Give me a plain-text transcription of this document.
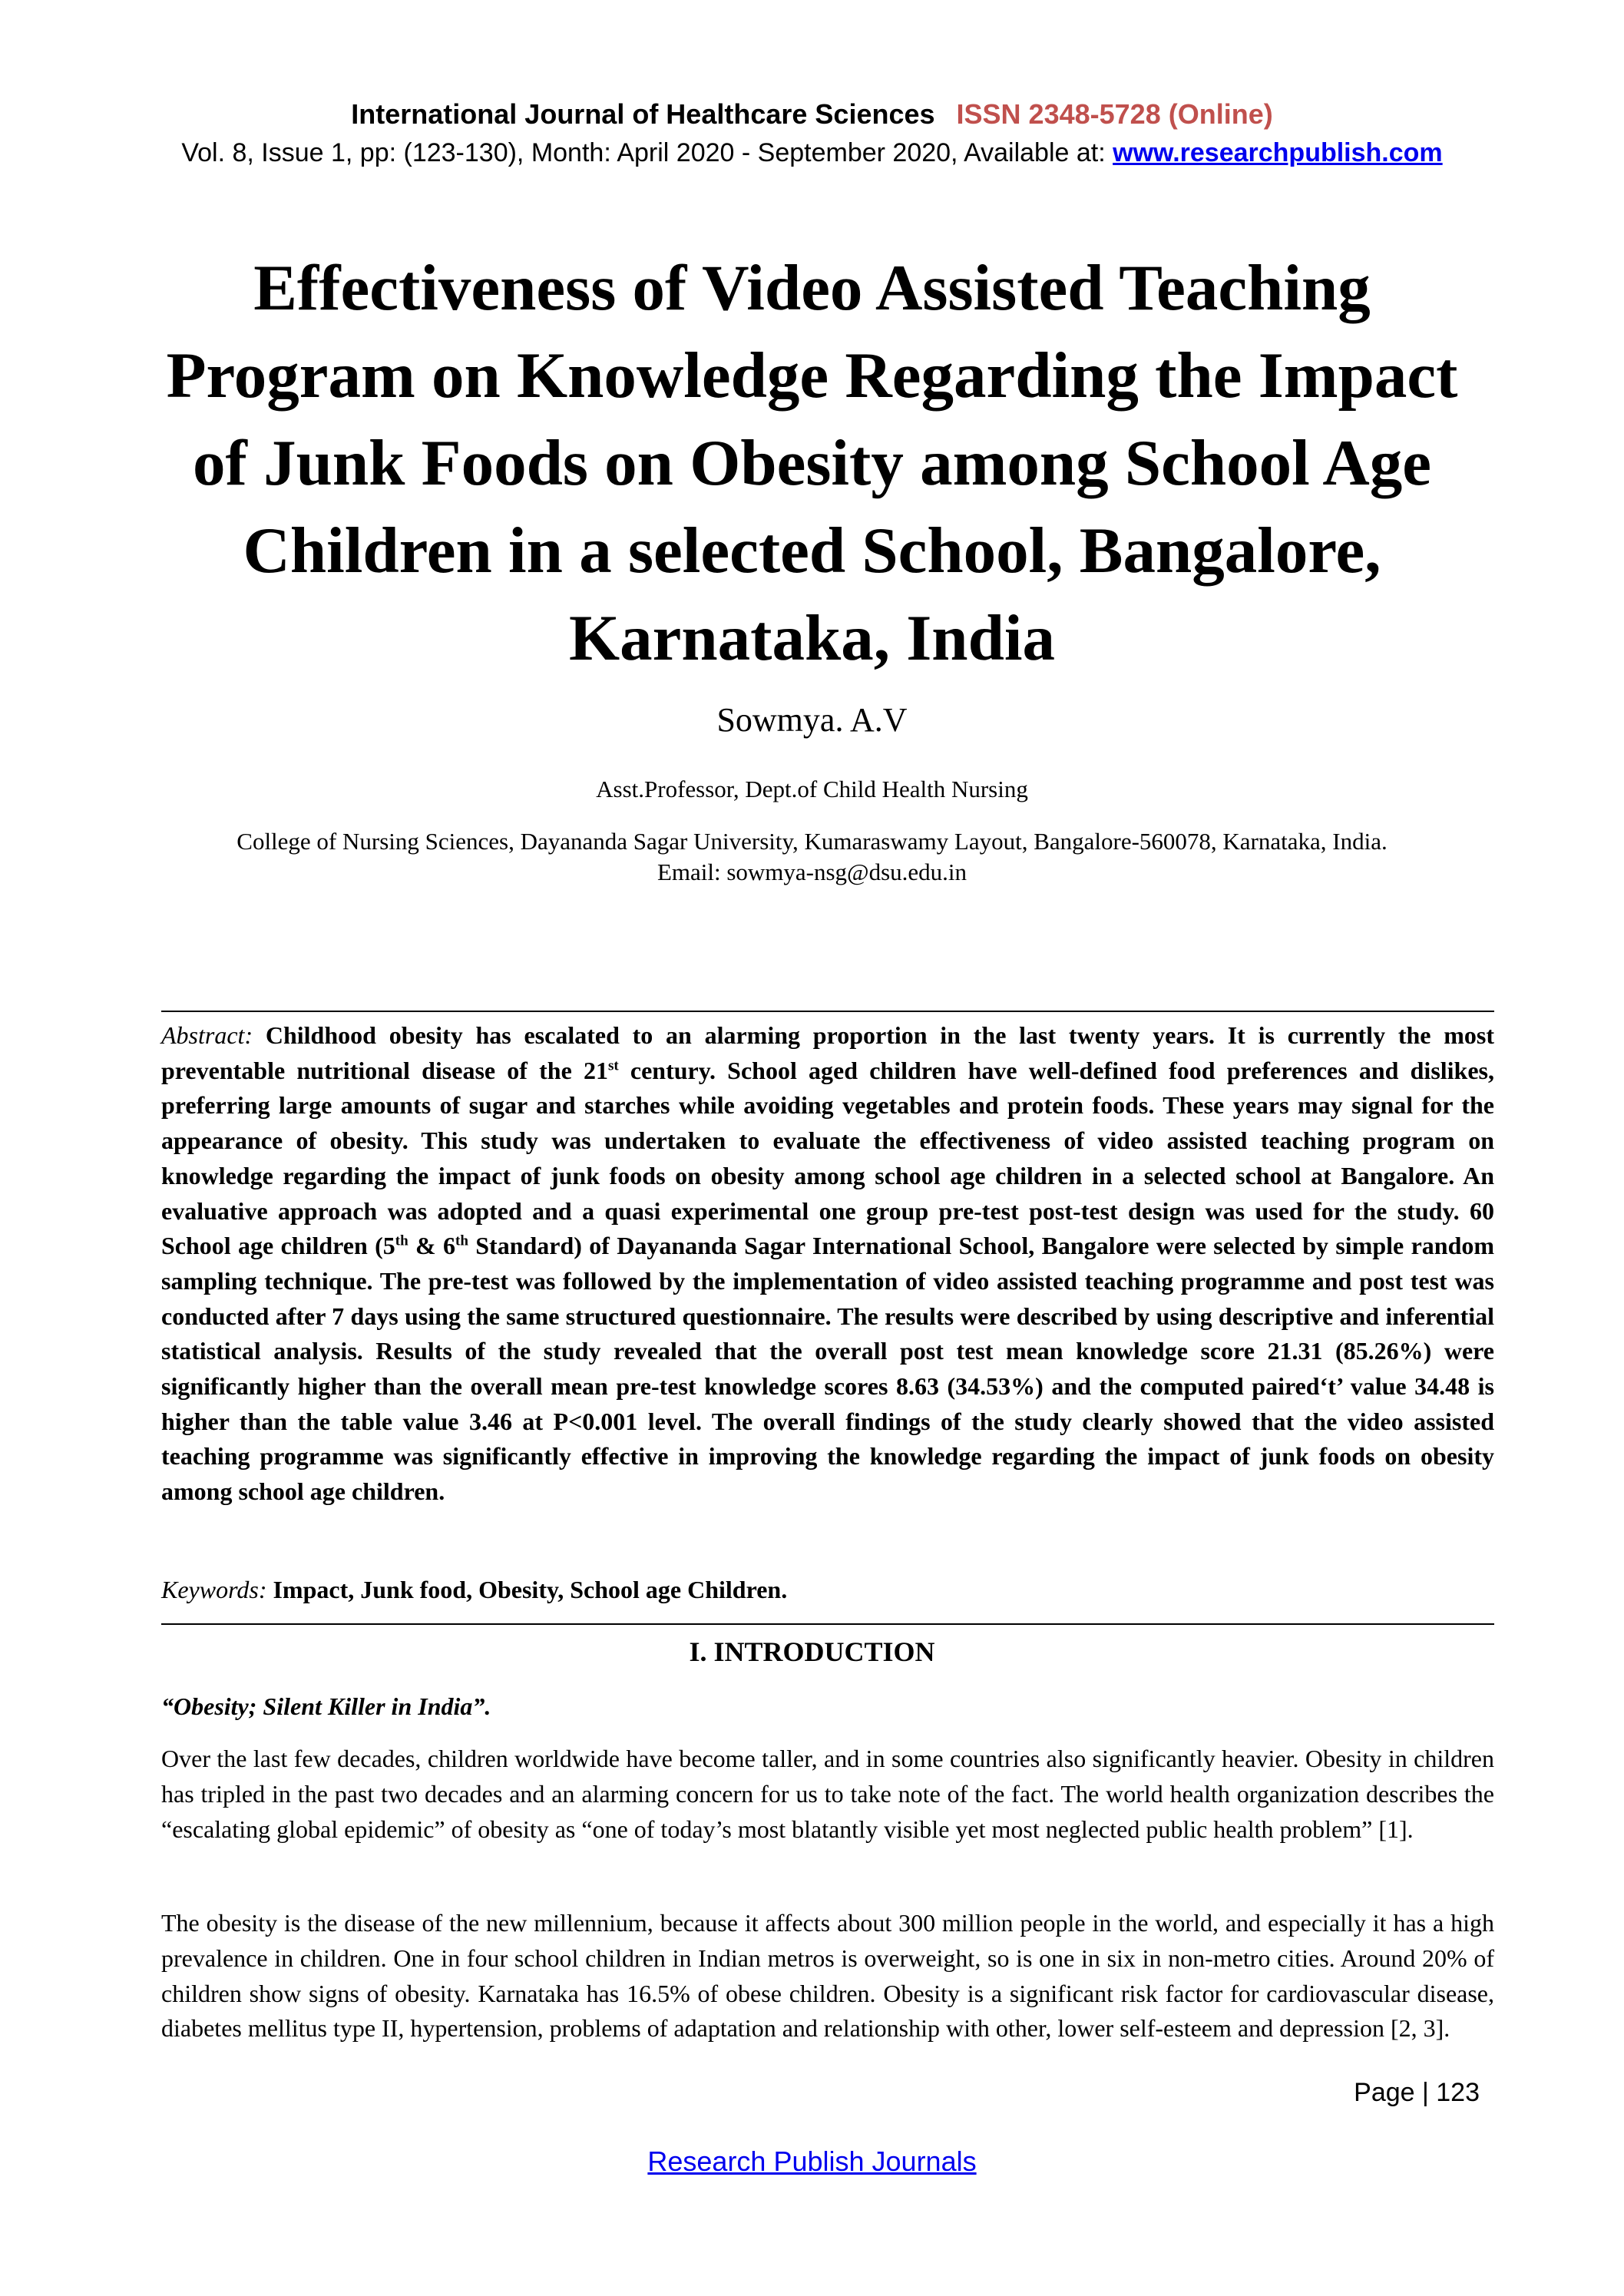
International Journal of Healthcare Sciences ISSN 2348-5728 (Online)
Vol. 8, Issue 1, pp: (123-130), Month: April 2020 - September 2020, Available at: www.researchpublish.com
Effectiveness of Video Assisted Teaching
Program on Knowledge Regarding the Impact
of Junk Foods on Obesity among School Age
Children in a selected School, Bangalore,
Karnataka, India
Sowmya. A.V
Asst.Professor, Dept.of Child Health Nursing
College of Nursing Sciences, Dayananda Sagar University, Kumaraswamy Layout, Bangalore-560078, Karnataka, India.
Email: sowmya-nsg@dsu.edu.in

Abstract: Childhood obesity has escalated to an alarming proportion in the last twenty years. It is currently the most preventable nutritional disease of the 21st century. School aged children have well-defined food preferences and dislikes, preferring large amounts of sugar and starches while avoiding vegetables and protein foods. These years may signal for the appearance of obesity. This study was undertaken to evaluate the effectiveness of video assisted teaching program on knowledge regarding the impact of junk foods on obesity among school age children in a selected school at Bangalore. An evaluative approach was adopted and a quasi experimental one group pre-test post-test design was used for the study. 60 School age children (5th & 6th Standard) of Dayananda Sagar International School, Bangalore were selected by simple random sampling technique. The pre-test was followed by the implementation of video assisted teaching programme and post test was conducted after 7 days using the same structured questionnaire. The results were described by using descriptive and inferential statistical analysis. Results of the study revealed that the overall post test mean knowledge score 21.31 (85.26%) were significantly higher than the overall mean pre-test knowledge scores 8.63 (34.53%) and the computed paired‘t’ value 34.48 is higher than the table value 3.46 at P<0.001 level. The overall findings of the study clearly showed that the video assisted teaching programme was significantly effective in improving the knowledge regarding the impact of junk foods on obesity among school age children.

Keywords: Impact, Junk food, Obesity, School age Children.

I. INTRODUCTION

“Obesity; Silent Killer in India”.

Over the last few decades, children worldwide have become taller, and in some countries also significantly heavier. Obesity in children has tripled in the past two decades and an alarming concern for us to take note of the fact. The world health organization describes the “escalating global epidemic” of obesity as “one of today’s most blatantly visible yet most neglected public health problem” [1].

The obesity is the disease of the new millennium, because it affects about 300 million people in the world, and especially it has a high prevalence in children. One in four school children in Indian metros is overweight, so is one in six in non-metro cities. Around 20% of children show signs of obesity. Karnataka has 16.5% of obese children. Obesity is a significant risk factor for cardiovascular disease, diabetes mellitus type II, hypertension, problems of adaptation and relationship with other, lower self-esteem and depression [2, 3].

Page | 123
Research Publish Journals
